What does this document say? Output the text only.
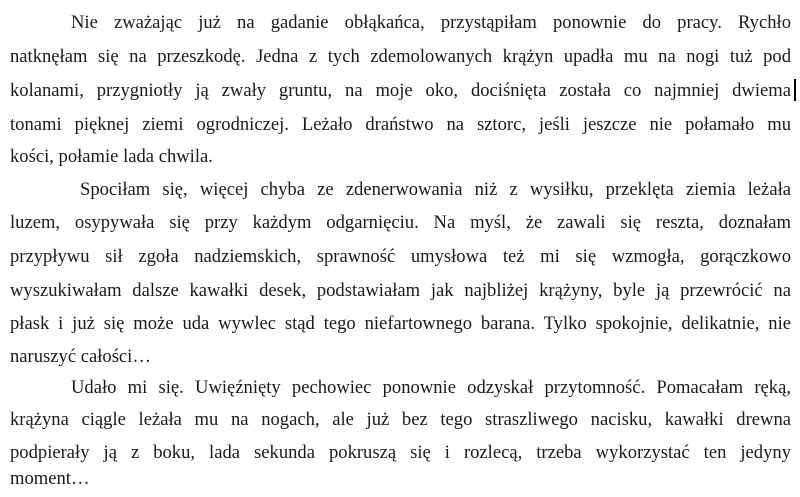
Nie zważając już na gadanie obłąkańca, przystąpiłam ponownie do pracy. Rychło
natknęłam się na przeszkodę. Jedna z tych zdemolowanych krążyn upadła mu na nogi tuż pod
kolanami, przygniotły ją zwały gruntu, na moje oko, dociśnięta została co najmniej dwiema
tonami pięknej ziemi ogrodniczej. Leżało draństwo na sztorc, jeśli jeszcze nie połamało mu
kości, połamie lada chwila.
Spociłam się, więcej chyba ze zdenerwowania niż z wysiłku, przeklęta ziemia leżała
luzem, osypywała się przy każdym odgarnięciu. Na myśl, że zawali się reszta, doznałam
przypływu sił zgoła nadziemskich, sprawność umysłowa też mi się wzmogła, gorączkowo
wyszukiwałam dalsze kawałki desek, podstawiałam jak najbliżej krążyny, byle ją przewrócić na
płask i już się może uda wywlec stąd tego niefartownego barana. Tylko spokojnie, delikatnie, nie
naruszyć całości…
Udało mi się. Uwięźnięty pechowiec ponownie odzyskał przytomność. Pomacałam ręką,
krążyna ciągle leżała mu na nogach, ale już bez tego straszliwego nacisku, kawałki drewna
podpierały ją z boku, lada sekunda pokruszą się i rozlecą, trzeba wykorzystać ten jedyny
moment…
